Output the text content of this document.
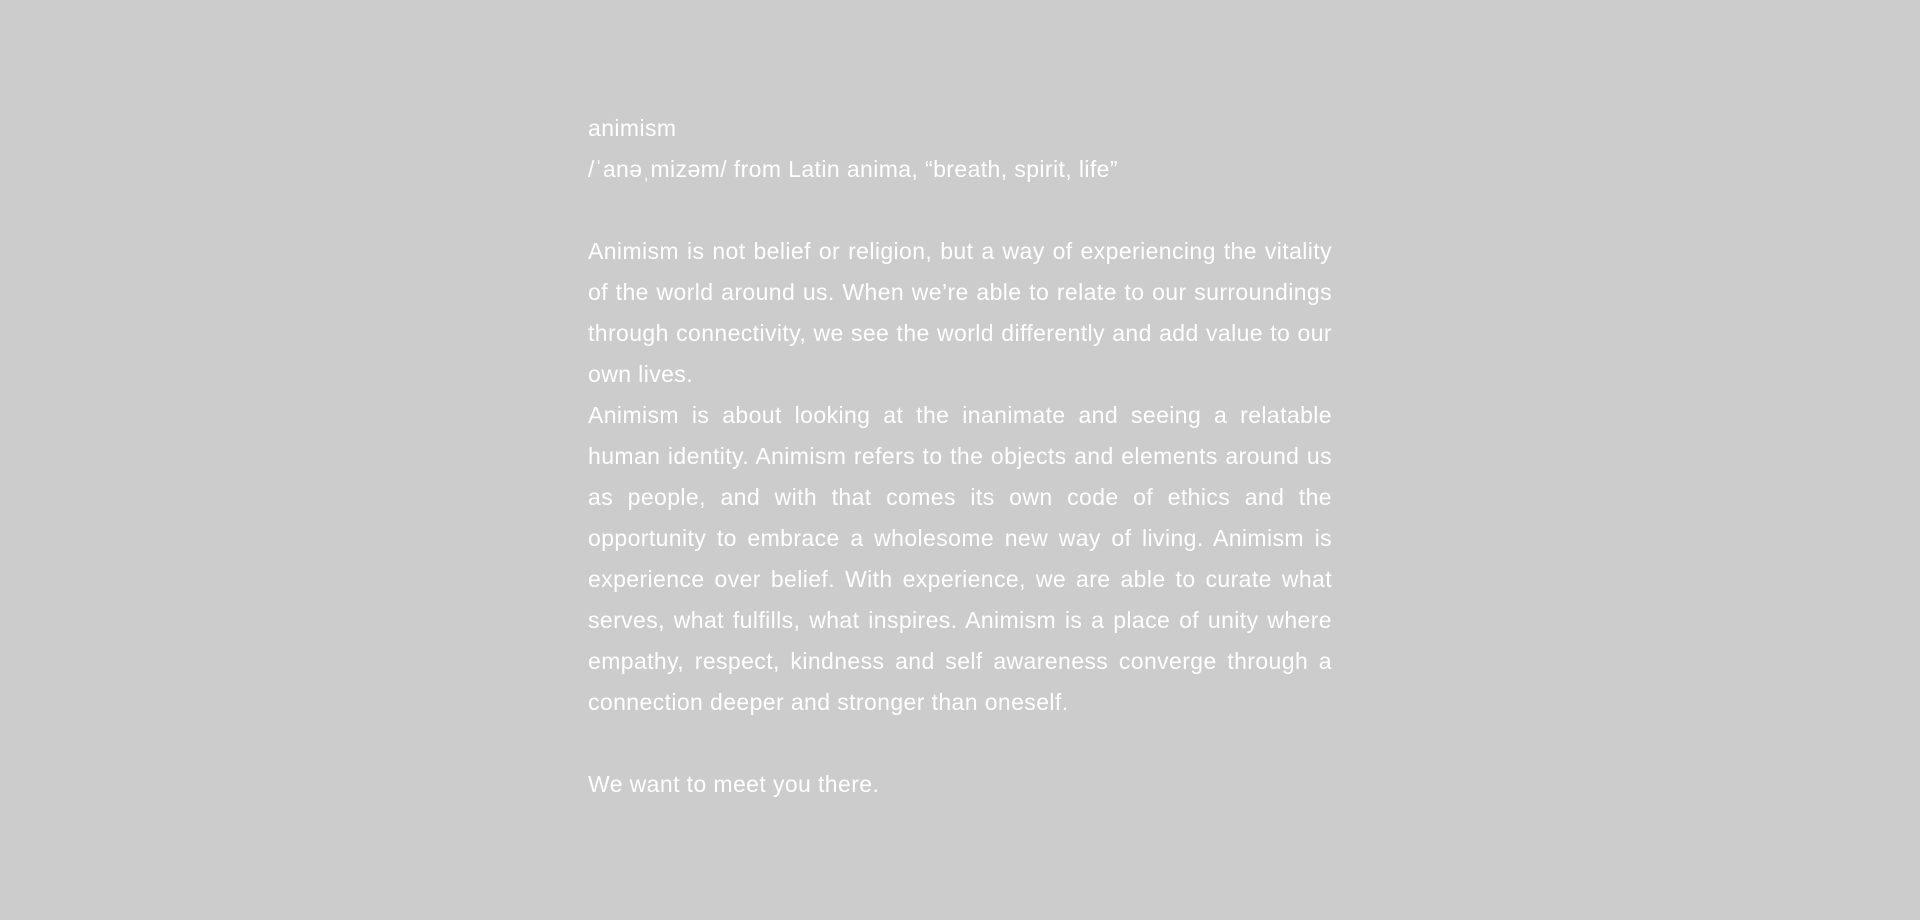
animism

/ˈanəˌmizəm/ from Latin anima, “breath, spirit, life”

Animism is not belief or religion, but a way of experiencing the vitality of the world around us. When we’re able to relate to our surroundings through connectivity, we see the world differently and add value to our own lives.

Animism is about looking at the inanimate and seeing a relatable human identity. Animism refers to the objects and elements around us as people, and with that comes its own code of ethics and the opportunity to embrace a wholesome new way of living. Animism is experience over belief. With experience, we are able to curate what serves, what fulfills, what inspires. Animism is a place of unity where empathy, respect, kindness and self awareness converge through a connection deeper and stronger than oneself.

We want to meet you there.
